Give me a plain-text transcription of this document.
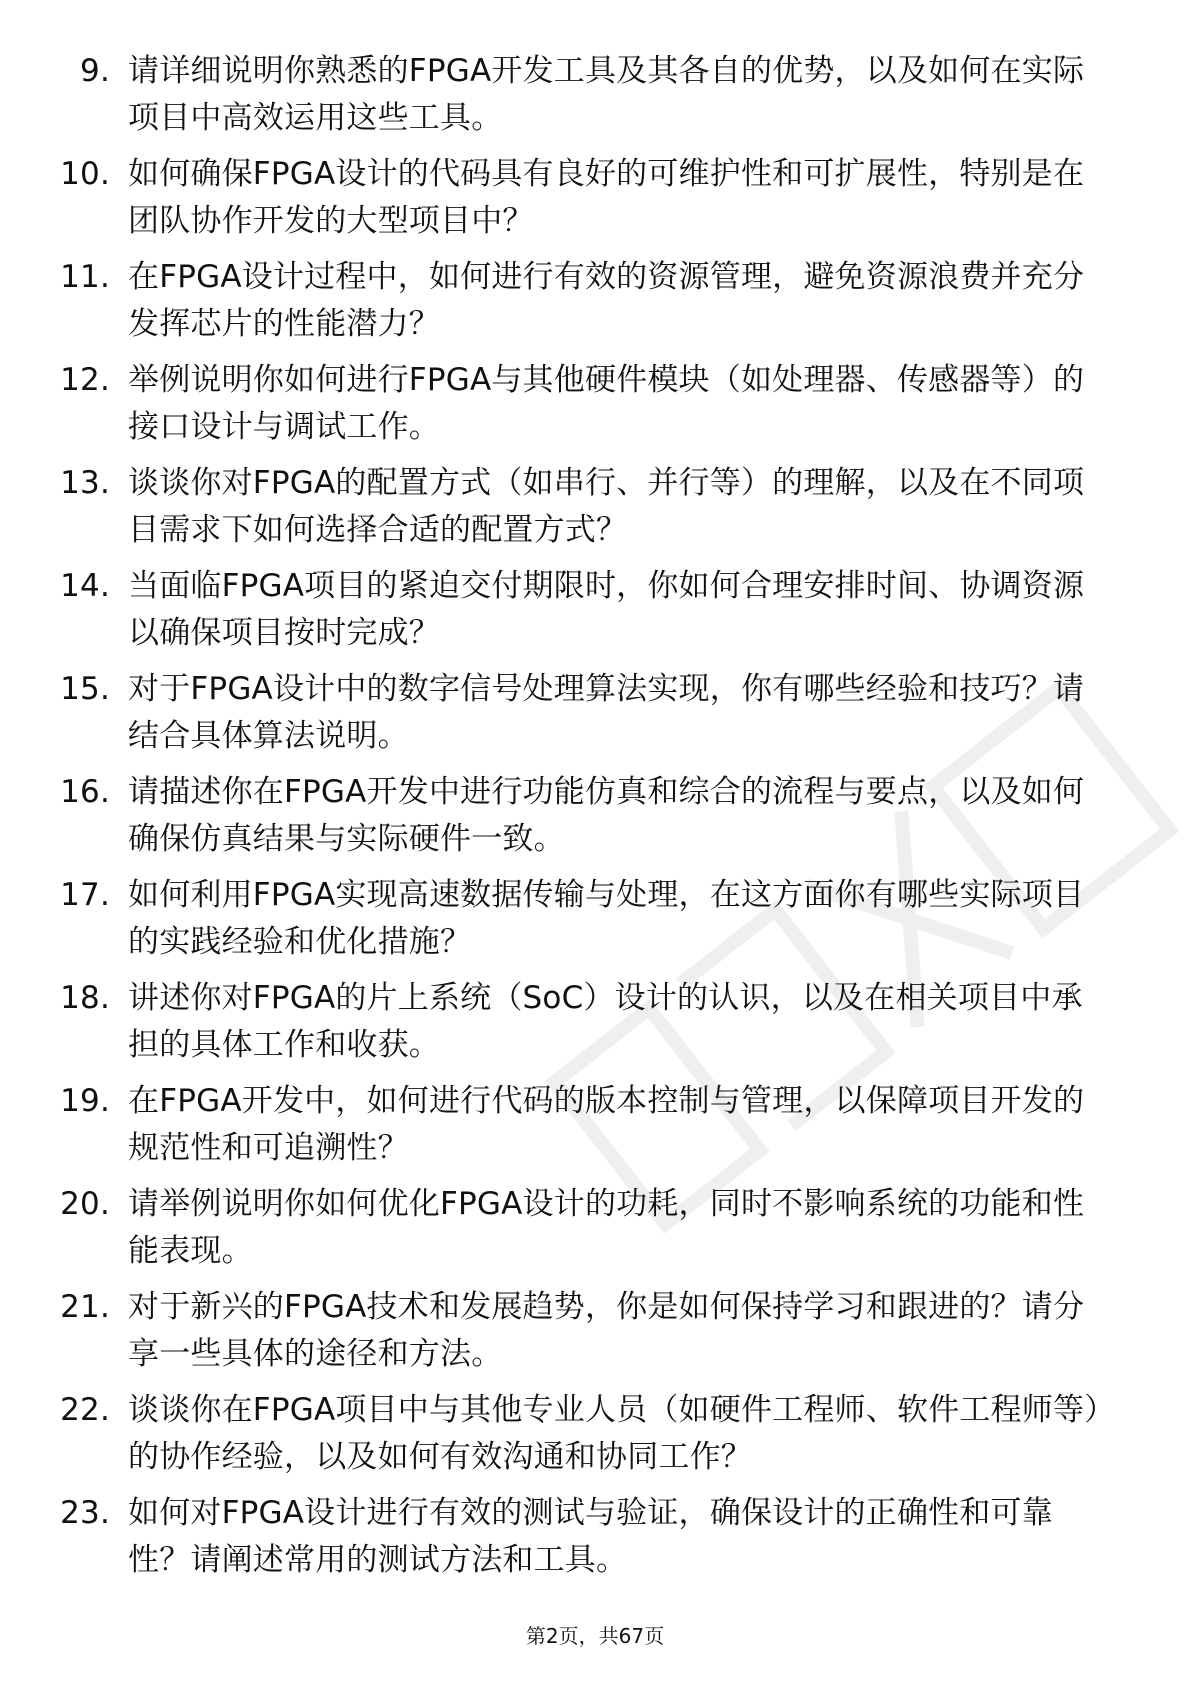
9. 请详细说明你熟悉的FPGA开发工具及其各自的优势，以及如何在实际项目中高效运用这些工具。
10. 如何确保FPGA设计的代码具有良好的可维护性和可扩展性，特别是在团队协作开发的大型项目中？
11. 在FPGA设计过程中，如何进行有效的资源管理，避免资源浪费并充分发挥芯片的性能潜力？
12. 举例说明你如何进行FPGA与其他硬件模块（如处理器、传感器等）的接口设计与调试工作。
13. 谈谈你对FPGA的配置方式（如串行、并行等）的理解，以及在不同项目需求下如何选择合适的配置方式？
14. 当面临FPGA项目的紧迫交付期限时，你如何合理安排时间、协调资源以确保项目按时完成？
15. 对于FPGA设计中的数字信号处理算法实现，你有哪些经验和技巧？请结合具体算法说明。
16. 请描述你在FPGA开发中进行功能仿真和综合的流程与要点，以及如何确保仿真结果与实际硬件一致。
17. 如何利用FPGA实现高速数据传输与处理，在这方面你有哪些实际项目的实践经验和优化措施？
18. 讲述你对FPGA的片上系统（SoC）设计的认识，以及在相关项目中承担的具体工作和收获。
19. 在FPGA开发中，如何进行代码的版本控制与管理，以保障项目开发的规范性和可追溯性？
20. 请举例说明你如何优化FPGA设计的功耗，同时不影响系统的功能和性能表现。
21. 对于新兴的FPGA技术和发展趋势，你是如何保持学习和跟进的？请分享一些具体的途径和方法。
22. 谈谈你在FPGA项目中与其他专业人员（如硬件工程师、软件工程师等）的协作经验，以及如何有效沟通和协同工作？
23. 如何对FPGA设计进行有效的测试与验证，确保设计的正确性和可靠性？请阐述常用的测试方法和工具。
第2页，共67页
